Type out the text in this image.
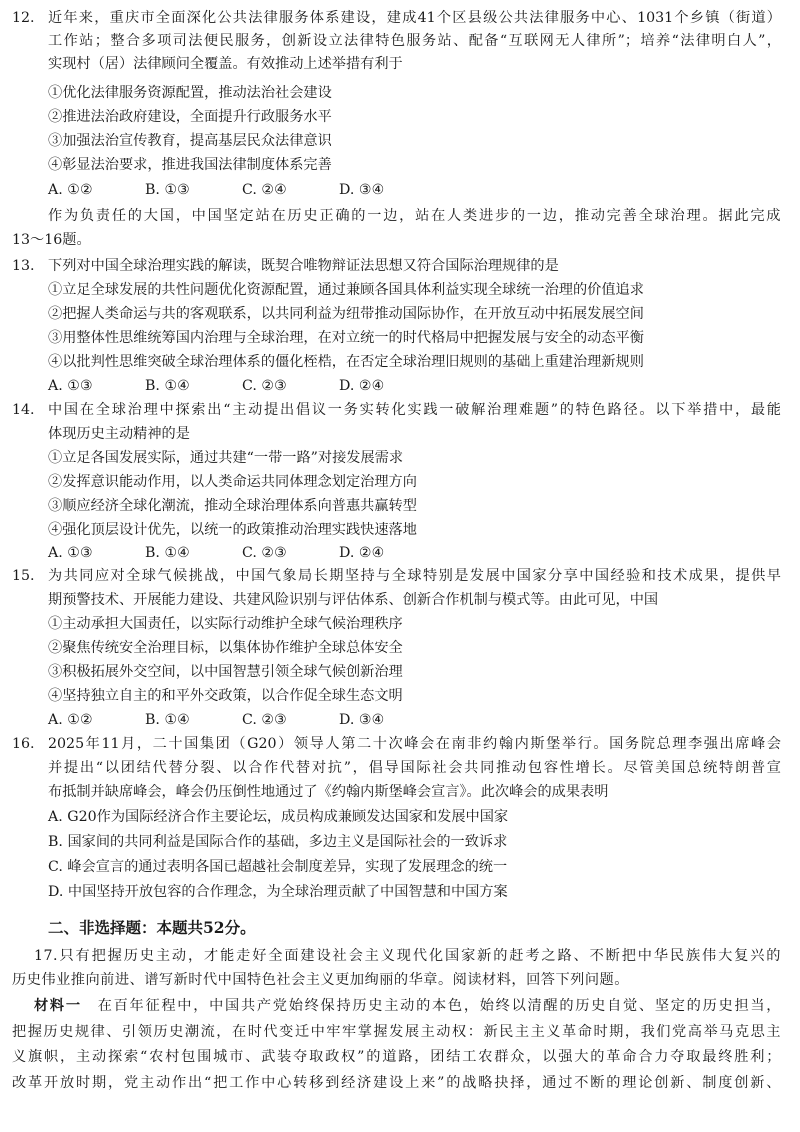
12. 近年来，重庆市全面深化公共法律服务体系建设，建成41个区县级公共法律服务中心、1031个乡镇（街道）
工作站；整合多项司法便民服务，创新设立法律特色服务站、配备“互联网无人律所”；培养“法律明白人”，
实现村（居）法律顾问全覆盖。有效推动上述举措有利于
①优化法律服务资源配置，推动法治社会建设
②推进法治政府建设，全面提升行政服务水平
③加强法治宣传教育，提高基层民众法律意识
④彰显法治要求，推进我国法律制度体系完善
A. ①②	B. ①③	C. ②④	D. ③④
作为负责任的大国，中国坚定站在历史正确的一边，站在人类进步的一边，推动完善全球治理。据此完成
13～16题。
13. 下列对中国全球治理实践的解读，既契合唯物辩证法思想又符合国际治理规律的是
①立足全球发展的共性问题优化资源配置，通过兼顾各国具体利益实现全球统一治理的价值追求
②把握人类命运与共的客观联系，以共同利益为纽带推动国际协作，在开放互动中拓展发展空间
③用整体性思维统筹国内治理与全球治理，在对立统一的时代格局中把握发展与安全的动态平衡
④以批判性思维突破全球治理体系的僵化桎梏，在否定全球治理旧规则的基础上重建治理新规则
A. ①③	B. ①④	C. ②③	D. ②④
14. 中国在全球治理中探索出“主动提出倡议一务实转化实践一破解治理难题”的特色路径。以下举措中，最能
体现历史主动精神的是
①立足各国发展实际，通过共建“一带一路”对接发展需求
②发挥意识能动作用，以人类命运共同体理念划定治理方向
③顺应经济全球化潮流，推动全球治理体系向普惠共赢转型
④强化顶层设计优先，以统一的政策推动治理实践快速落地
A. ①③	B. ①④	C. ②③	D. ②④
15. 为共同应对全球气候挑战，中国气象局长期坚持与全球特别是发展中国家分享中国经验和技术成果，提供早
期预警技术、开展能力建设、共建风险识别与评估体系、创新合作机制与模式等。由此可见，中国
①主动承担大国责任，以实际行动维护全球气候治理秩序
②聚焦传统安全治理目标，以集体协作维护全球总体安全
③积极拓展外交空间，以中国智慧引领全球气候创新治理
④坚持独立自主的和平外交政策，以合作促全球生态文明
A. ①②	B. ①④	C. ②③	D. ③④
16. 2025年11月，二十国集团（G20）领导人第二十次峰会在南非约翰内斯堡举行。国务院总理李强出席峰会
并提出“以团结代替分裂、以合作代替对抗”，倡导国际社会共同推动包容性增长。尽管美国总统特朗普宣
布抵制并缺席峰会，峰会仍压倒性地通过了《约翰内斯堡峰会宣言》。此次峰会的成果表明
A. G20作为国际经济合作主要论坛，成员构成兼顾发达国家和发展中国家
B. 国家间的共同利益是国际合作的基础，多边主义是国际社会的一致诉求
C. 峰会宣言的通过表明各国已超越社会制度差异，实现了发展理念的统一
D. 中国坚持开放包容的合作理念，为全球治理贡献了中国智慧和中国方案
二、非选择题：本题共52分。
17.只有把握历史主动，才能走好全面建设社会主义现代化国家新的赶考之路、不断把中华民族伟大复兴的
历史伟业推向前进、谱写新时代中国特色社会主义更加绚丽的华章。阅读材料，回答下列问题。
材料一　 在百年征程中，中国共产党始终保持历史主动的本色，始终以清醒的历史自觉、坚定的历史担当，
把握历史规律、引领历史潮流，在时代变迁中牢牢掌握发展主动权：新民主主义革命时期，我们党高举马克思主
义旗帜，主动探索“农村包围城市、武装夺取政权”的道路，团结工农群众，以强大的革命合力夺取最终胜利；
改革开放时期，党主动作出“把工作中心转移到经济建设上来”的战略抉择，通过不断的理论创新、制度创新、
